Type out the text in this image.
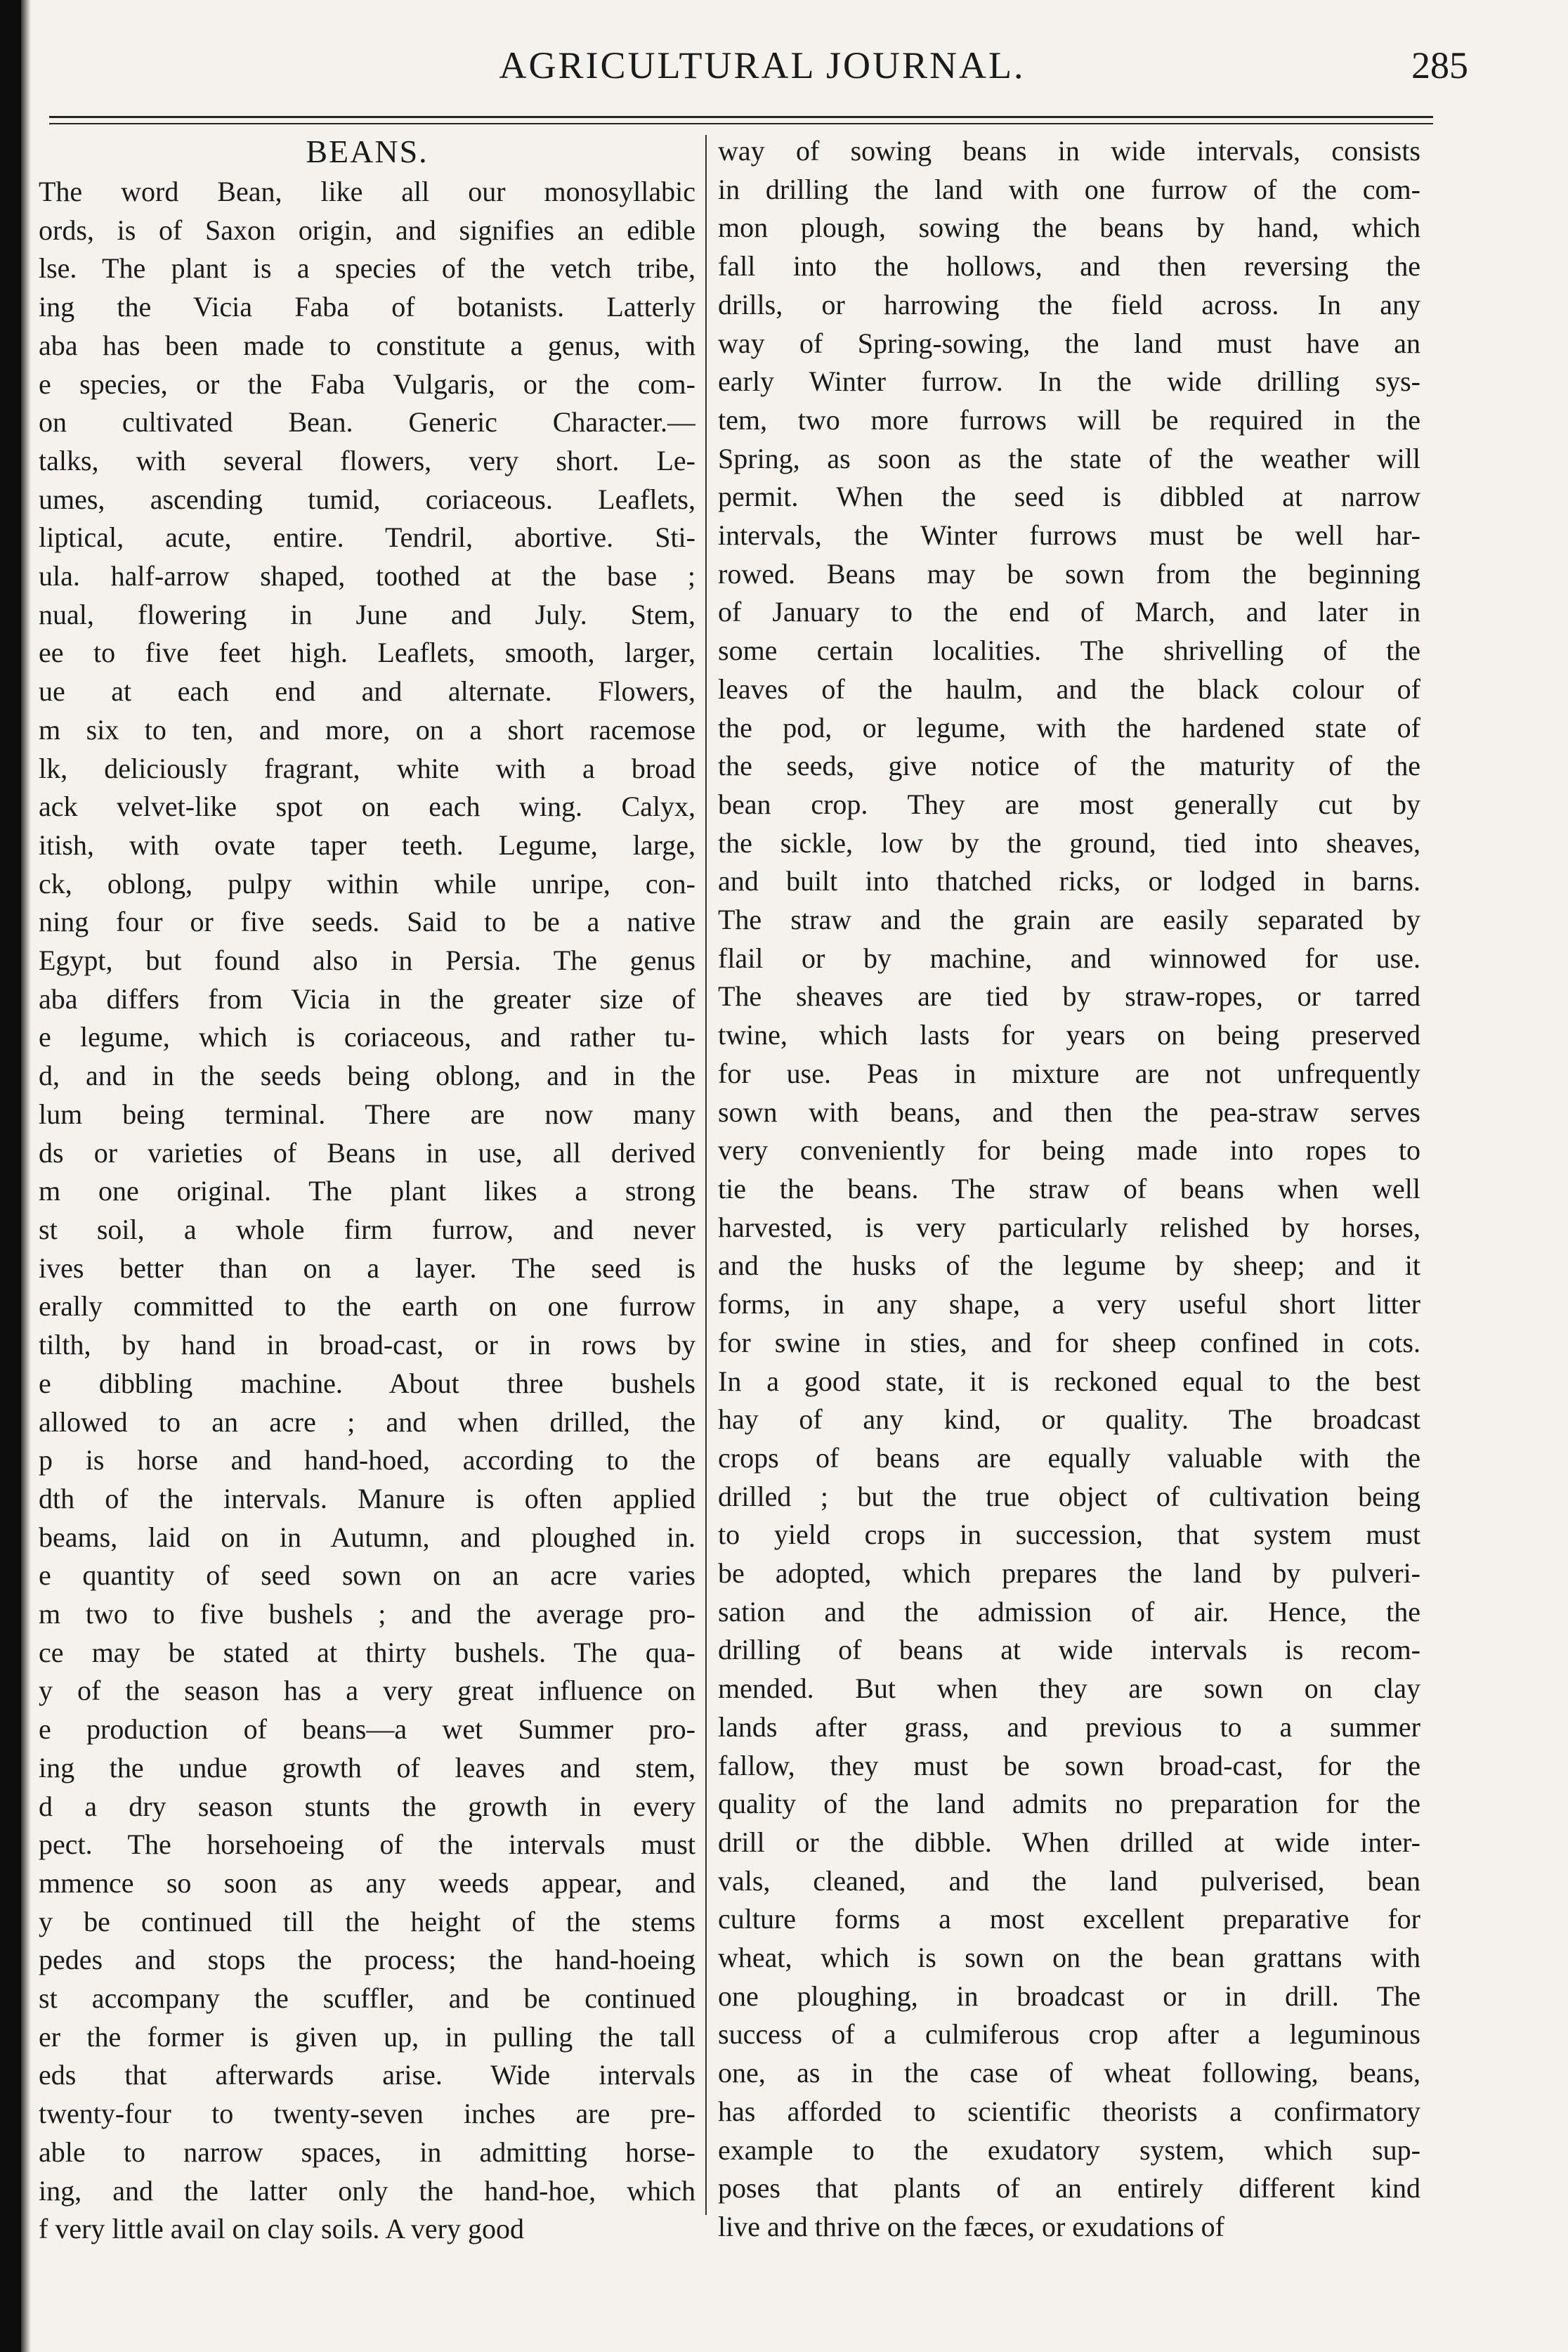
AGRICULTURAL JOURNAL.	285
BEANS.
The word Bean, like all our monosyllabic
ords, is of Saxon origin, and signifies an edible
lse. The plant is a species of the vetch tribe,
ing the Vicia Faba of botanists. Latterly
aba has been made to constitute a genus, with
e species, or the Faba Vulgaris, or the com-
on cultivated Bean. Generic Character.—
talks, with several flowers, very short. Le-
umes, ascending tumid, coriaceous. Leaflets,
liptical, acute, entire. Tendril, abortive. Sti-
ula. half-arrow shaped, toothed at the base ;
nual, flowering in June and July. Stem,
ee to five feet high. Leaflets, smooth, larger,
ue at each end and alternate. Flowers,
m six to ten, and more, on a short racemose
lk, deliciously fragrant, white with a broad
ack velvet-like spot on each wing. Calyx,
itish, with ovate taper teeth. Legume, large,
ck, oblong, pulpy within while unripe, con-
ning four or five seeds. Said to be a native
Egypt, but found also in Persia. The genus
aba differs from Vicia in the greater size of
e legume, which is coriaceous, and rather tu-
d, and in the seeds being oblong, and in the
lum being terminal. There are now many
ds or varieties of Beans in use, all derived
m one original. The plant likes a strong
st soil, a whole firm furrow, and never
ives better than on a layer. The seed is
erally committed to the earth on one furrow
tilth, by hand in broad-cast, or in rows by
e dibbling machine. About three bushels
allowed to an acre ; and when drilled, the
p is horse and hand-hoed, according to the
dth of the intervals. Manure is often applied
beams, laid on in Autumn, and ploughed in.
e quantity of seed sown on an acre varies
m two to five bushels ; and the average pro-
ce may be stated at thirty bushels. The qua-
y of the season has a very great influence on
e production of beans—a wet Summer pro-
ing the undue growth of leaves and stem,
d a dry season stunts the growth in every
pect. The horsehoeing of the intervals must
mmence so soon as any weeds appear, and
y be continued till the height of the stems
pedes and stops the process; the hand-hoeing
st accompany the scuffler, and be continued
er the former is given up, in pulling the tall
eds that afterwards arise. Wide intervals
twenty-four to twenty-seven inches are pre-
able to narrow spaces, in admitting horse-
ing, and the latter only the hand-hoe, which
f very little avail on clay soils. A very good
way of sowing beans in wide intervals, consists
in drilling the land with one furrow of the com-
mon plough, sowing the beans by hand, which
fall into the hollows, and then reversing the
drills, or harrowing the field across. In any
way of Spring-sowing, the land must have an
early Winter furrow. In the wide drilling sys-
tem, two more furrows will be required in the
Spring, as soon as the state of the weather will
permit. When the seed is dibbled at narrow
intervals, the Winter furrows must be well har-
rowed. Beans may be sown from the beginning
of January to the end of March, and later in
some certain localities. The shrivelling of the
leaves of the haulm, and the black colour of
the pod, or legume, with the hardened state of
the seeds, give notice of the maturity of the
bean crop. They are most generally cut by
the sickle, low by the ground, tied into sheaves,
and built into thatched ricks, or lodged in barns.
The straw and the grain are easily separated by
flail or by machine, and winnowed for use.
The sheaves are tied by straw-ropes, or tarred
twine, which lasts for years on being preserved
for use. Peas in mixture are not unfrequently
sown with beans, and then the pea-straw serves
very conveniently for being made into ropes to
tie the beans. The straw of beans when well
harvested, is very particularly relished by horses,
and the husks of the legume by sheep; and it
forms, in any shape, a very useful short litter
for swine in sties, and for sheep confined in cots.
In a good state, it is reckoned equal to the best
hay of any kind, or quality. The broadcast
crops of beans are equally valuable with the
drilled ; but the true object of cultivation being
to yield crops in succession, that system must
be adopted, which prepares the land by pulveri-
sation and the admission of air. Hence, the
drilling of beans at wide intervals is recom-
mended. But when they are sown on clay
lands after grass, and previous to a summer
fallow, they must be sown broad-cast, for the
quality of the land admits no preparation for the
drill or the dibble. When drilled at wide inter-
vals, cleaned, and the land pulverised, bean
culture forms a most excellent preparative for
wheat, which is sown on the bean grattans with
one ploughing, in broadcast or in drill. The
success of a culmiferous crop after a leguminous
one, as in the case of wheat following, beans,
has afforded to scientific theorists a confirmatory
example to the exudatory system, which sup-
poses that plants of an entirely different kind
live and thrive on the fæces, or exudations of
